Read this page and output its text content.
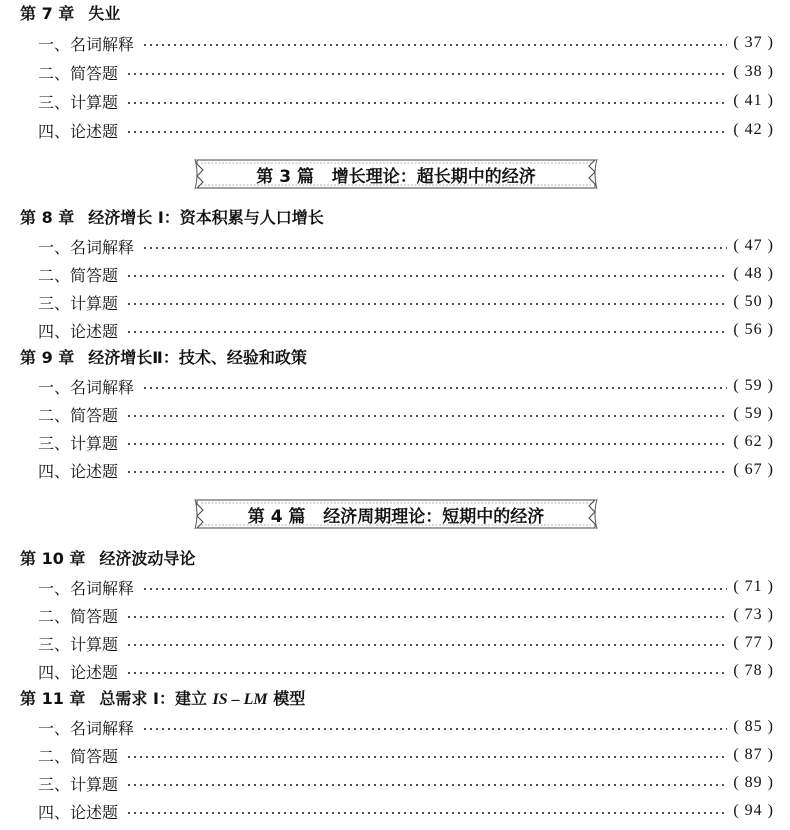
第 7 章 失业
一、名词解释	( 37 )
二、简答题	( 38 )
三、计算题	( 41 )
四、论述题	( 42 )
第 3 篇 增长理论：超长期中的经济
第 8 章 经济增长 I：资本积累与人口增长
一、名词解释	( 47 )
二、简答题	( 48 )
三、计算题	( 50 )
四、论述题	( 56 )
第 9 章 经济增长Ⅱ：技术、经验和政策
一、名词解释	( 59 )
二、简答题	( 59 )
三、计算题	( 62 )
四、论述题	( 67 )
第 4 篇 经济周期理论：短期中的经济
第 10 章 经济波动导论
一、名词解释	( 71 )
二、简答题	( 73 )
三、计算题	( 77 )
四、论述题	( 78 )
第 11 章 总需求 I：建立 IS – LM 模型
一、名词解释	( 85 )
二、简答题	( 87 )
三、计算题	( 89 )
四、论述题	( 94 )
